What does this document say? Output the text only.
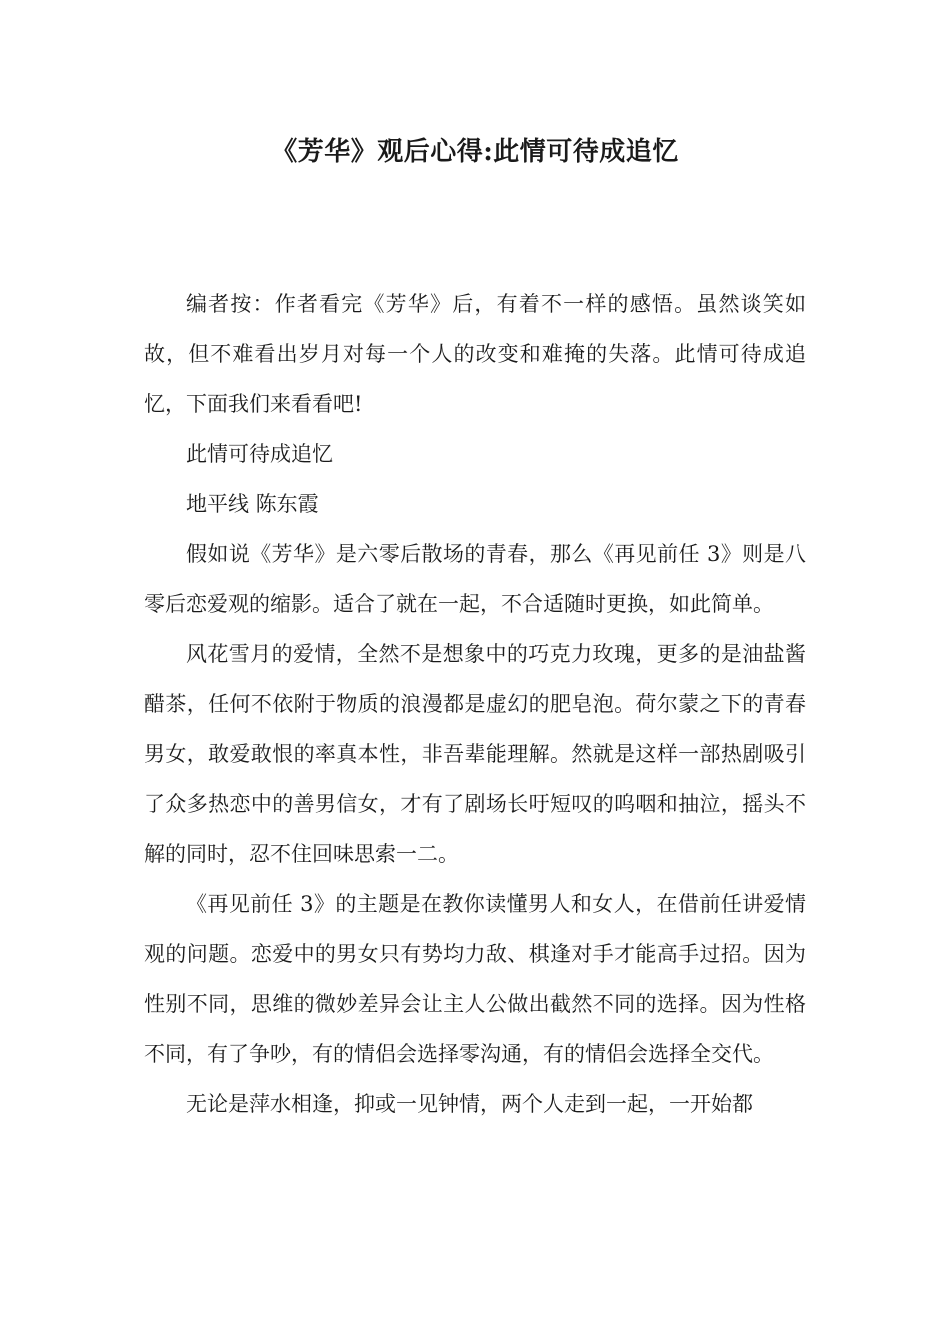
《芳华》观后心得:此情可待成追忆

编者按：作者看完《芳华》后，有着不一样的感悟。虽然谈笑如故，但不难看出岁月对每一个人的改变和难掩的失落。此情可待成追忆，下面我们来看看吧!

此情可待成追忆

地平线 陈东霞

假如说《芳华》是六零后散场的青春，那么《再见前任 3》则是八零后恋爱观的缩影。适合了就在一起，不合适随时更换，如此简单。

风花雪月的爱情，全然不是想象中的巧克力玫瑰，更多的是油盐酱醋茶，任何不依附于物质的浪漫都是虚幻的肥皂泡。荷尔蒙之下的青春男女，敢爱敢恨的率真本性，非吾辈能理解。然就是这样一部热剧吸引了众多热恋中的善男信女，才有了剧场长吁短叹的呜咽和抽泣，摇头不解的同时，忍不住回味思索一二。

《再见前任 3》的主题是在教你读懂男人和女人，在借前任讲爱情观的问题。恋爱中的男女只有势均力敌、棋逢对手才能高手过招。因为性别不同，思维的微妙差异会让主人公做出截然不同的选择。因为性格不同，有了争吵，有的情侣会选择零沟通，有的情侣会选择全交代。

无论是萍水相逢，抑或一见钟情，两个人走到一起，一开始都
